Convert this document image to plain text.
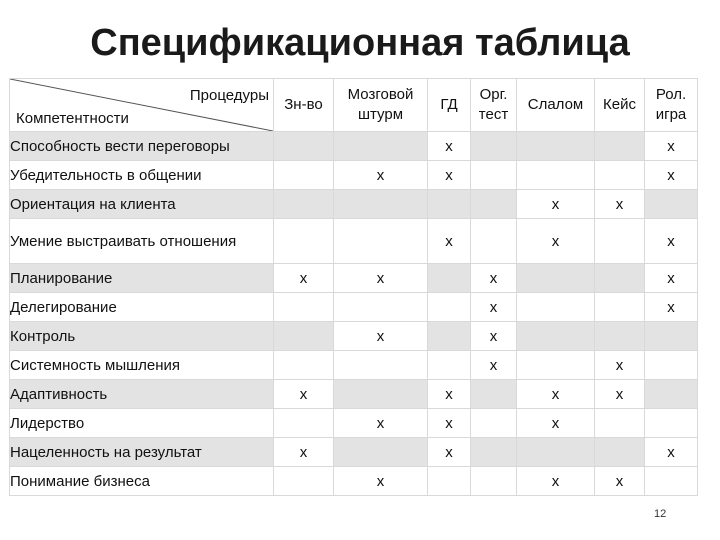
Спецификационная таблица
Процедуры
Компетентности	Зн-во	Мозговой штурм	ГД	Орг. тест	Слалом	Кейс	Рол. игра
Способность вести переговоры			x				x
Убедительность в общении		x	x				x
Ориентация на клиента					x	x	
Умение выстраивать отношения			x		x		x
Планирование	x	x		x			x
Делегирование				x			x
Контроль		x		x			
Системность мышления				x		x	
Адаптивность	x		x		x	x	
Лидерство		x	x		x		
Нацеленность на результат	x		x				x
Понимание бизнеса		x			x	x	
12
